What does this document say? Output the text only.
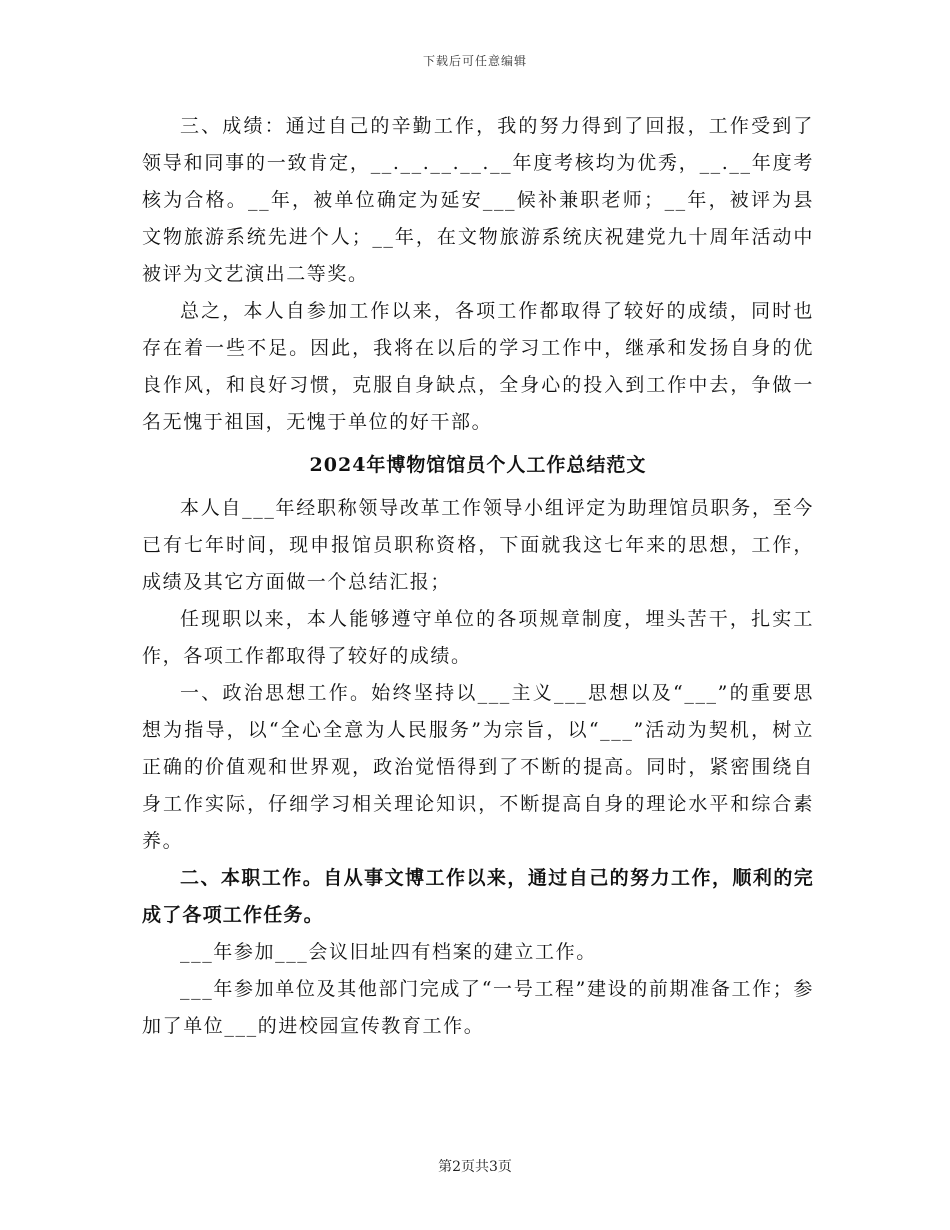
下载后可任意编辑

三、成绩：通过自己的辛勤工作，我的努力得到了回报，工作受到了领导和同事的一致肯定，__.__.__.__.__年度考核均为优秀，__.__年度考核为合格。__年，被单位确定为延安___候补兼职老师；__年，被评为县文物旅游系统先进个人；__年，在文物旅游系统庆祝建党九十周年活动中被评为文艺演出二等奖。

总之，本人自参加工作以来，各项工作都取得了较好的成绩，同时也存在着一些不足。因此，我将在以后的学习工作中，继承和发扬自身的优良作风，和良好习惯，克服自身缺点，全身心的投入到工作中去，争做一名无愧于祖国，无愧于单位的好干部。

2024年博物馆馆员个人工作总结范文

本人自___年经职称领导改革工作领导小组评定为助理馆员职务，至今已有七年时间，现申报馆员职称资格，下面就我这七年来的思想，工作，成绩及其它方面做一个总结汇报；

任现职以来，本人能够遵守单位的各项规章制度，埋头苦干，扎实工作，各项工作都取得了较好的成绩。

一、政治思想工作。始终坚持以___主义___思想以及“___”的重要思想为指导，以“全心全意为人民服务”为宗旨，以“___”活动为契机，树立正确的价值观和世界观，政治觉悟得到了不断的提高。同时，紧密围绕自身工作实际，仔细学习相关理论知识，不断提高自身的理论水平和综合素养。

二、本职工作。自从事文博工作以来，通过自己的努力工作，顺利的完成了各项工作任务。

___年参加___会议旧址四有档案的建立工作。

___年参加单位及其他部门完成了“一号工程”建设的前期准备工作；参加了单位___的进校园宣传教育工作。

第2页共3页
